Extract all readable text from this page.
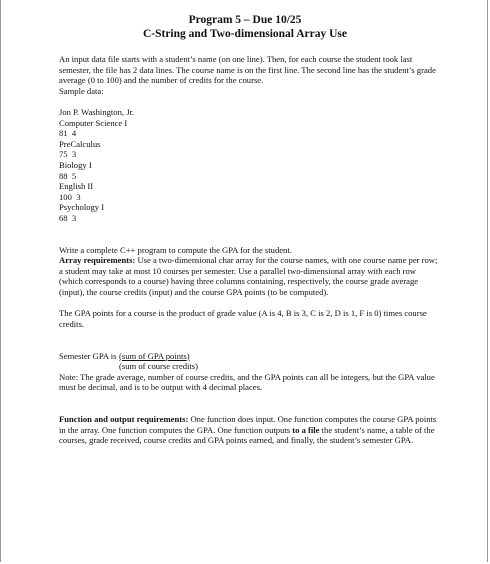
Program 5 – Due 10/25
C-String and Two-dimensional Array Use

An input data file starts with a student’s name (on one line). Then, for each course the student took last semester, the file has 2 data lines. The course name is on the first line. The second line has the student’s grade average (0 to 100) and the number of credits for the course.

Sample data:
Jon P. Washington, Jr.
Computer Science I
81  4
PreCalculus
75  3
Biology I
88  5
English II
100  3
Psychology I
68  3

Write a complete C++ program to compute the GPA for the student.

Array requirements: Use a two-dimensional char array for the course names, with one course name per row; a student may take at most 10 courses per semester. Use a parallel two-dimensional array with each row (which corresponds to a course) having three columns containing, respectively, the course grade average (input), the course credits (input) and the course GPA points (to be computed).

The GPA points for a course is the product of grade value (A is 4, B is 3, C is 2, D is 1, F is 0) times course credits.

Semester GPA is (sum of GPA points)
(sum of course credits)

Note: The grade average, number of course credits, and the GPA points can all be integers, but the GPA value must be decimal, and is to be output with 4 decimal places.

Function and output requirements: One function does input. One function computes the course GPA points in the array. One function computes the GPA. One function outputs to a file the student’s name, a table of the courses, grade received, course credits and GPA points earned, and finally, the student’s semester GPA.
